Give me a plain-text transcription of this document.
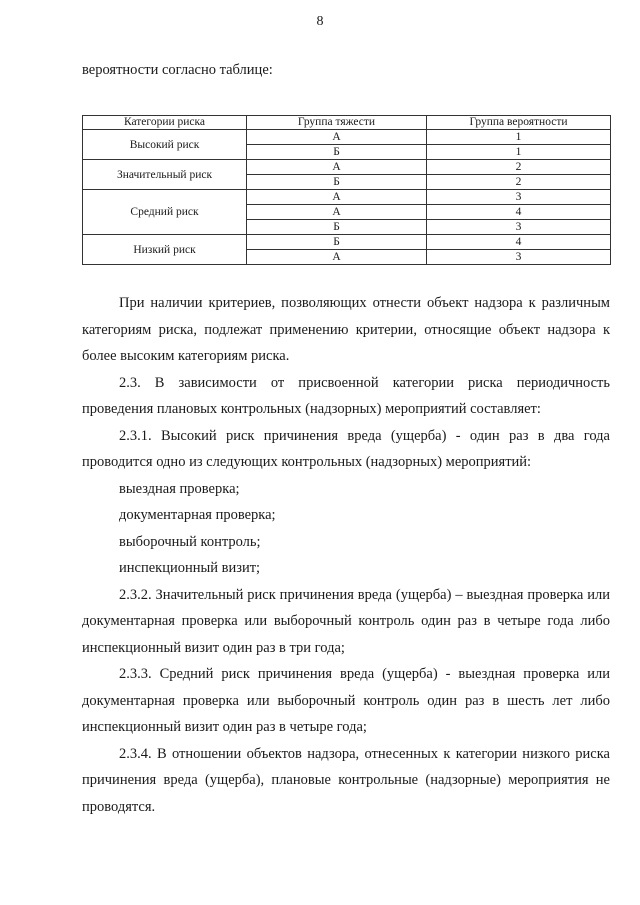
8
вероятности согласно таблице:
Категории риска	Группа тяжести	Группа вероятности
Высокий риск	А	1
	Б	1
Значительный риск	А	2
	Б	2
Средний риск	А	3
	А	4
	Б	3
Низкий риск	Б	4
	А	3

При наличии критериев, позволяющих отнести объект надзора к различным категориям риска, подлежат применению критерии, относящие объект надзора к более высоким категориям риска.

2.3. В зависимости от присвоенной категории риска периодичность проведения плановых контрольных (надзорных) мероприятий составляет:

2.3.1. Высокий риск причинения вреда (ущерба) - один раз в два года проводится одно из следующих контрольных (надзорных) мероприятий:

выездная проверка;

документарная проверка;

выборочный контроль;

инспекционный визит;

2.3.2. Значительный риск причинения вреда (ущерба) – выездная проверка или документарная проверка или выборочный контроль один раз в четыре года либо инспекционный визит один раз в три года;

2.3.3. Средний риск причинения вреда (ущерба) - выездная проверка или документарная проверка или выборочный контроль один раз в шесть лет либо инспекционный визит один раз в четыре года;

2.3.4. В отношении объектов надзора, отнесенных к категории низкого риска причинения вреда (ущерба), плановые контрольные (надзорные) мероприятия не проводятся.
